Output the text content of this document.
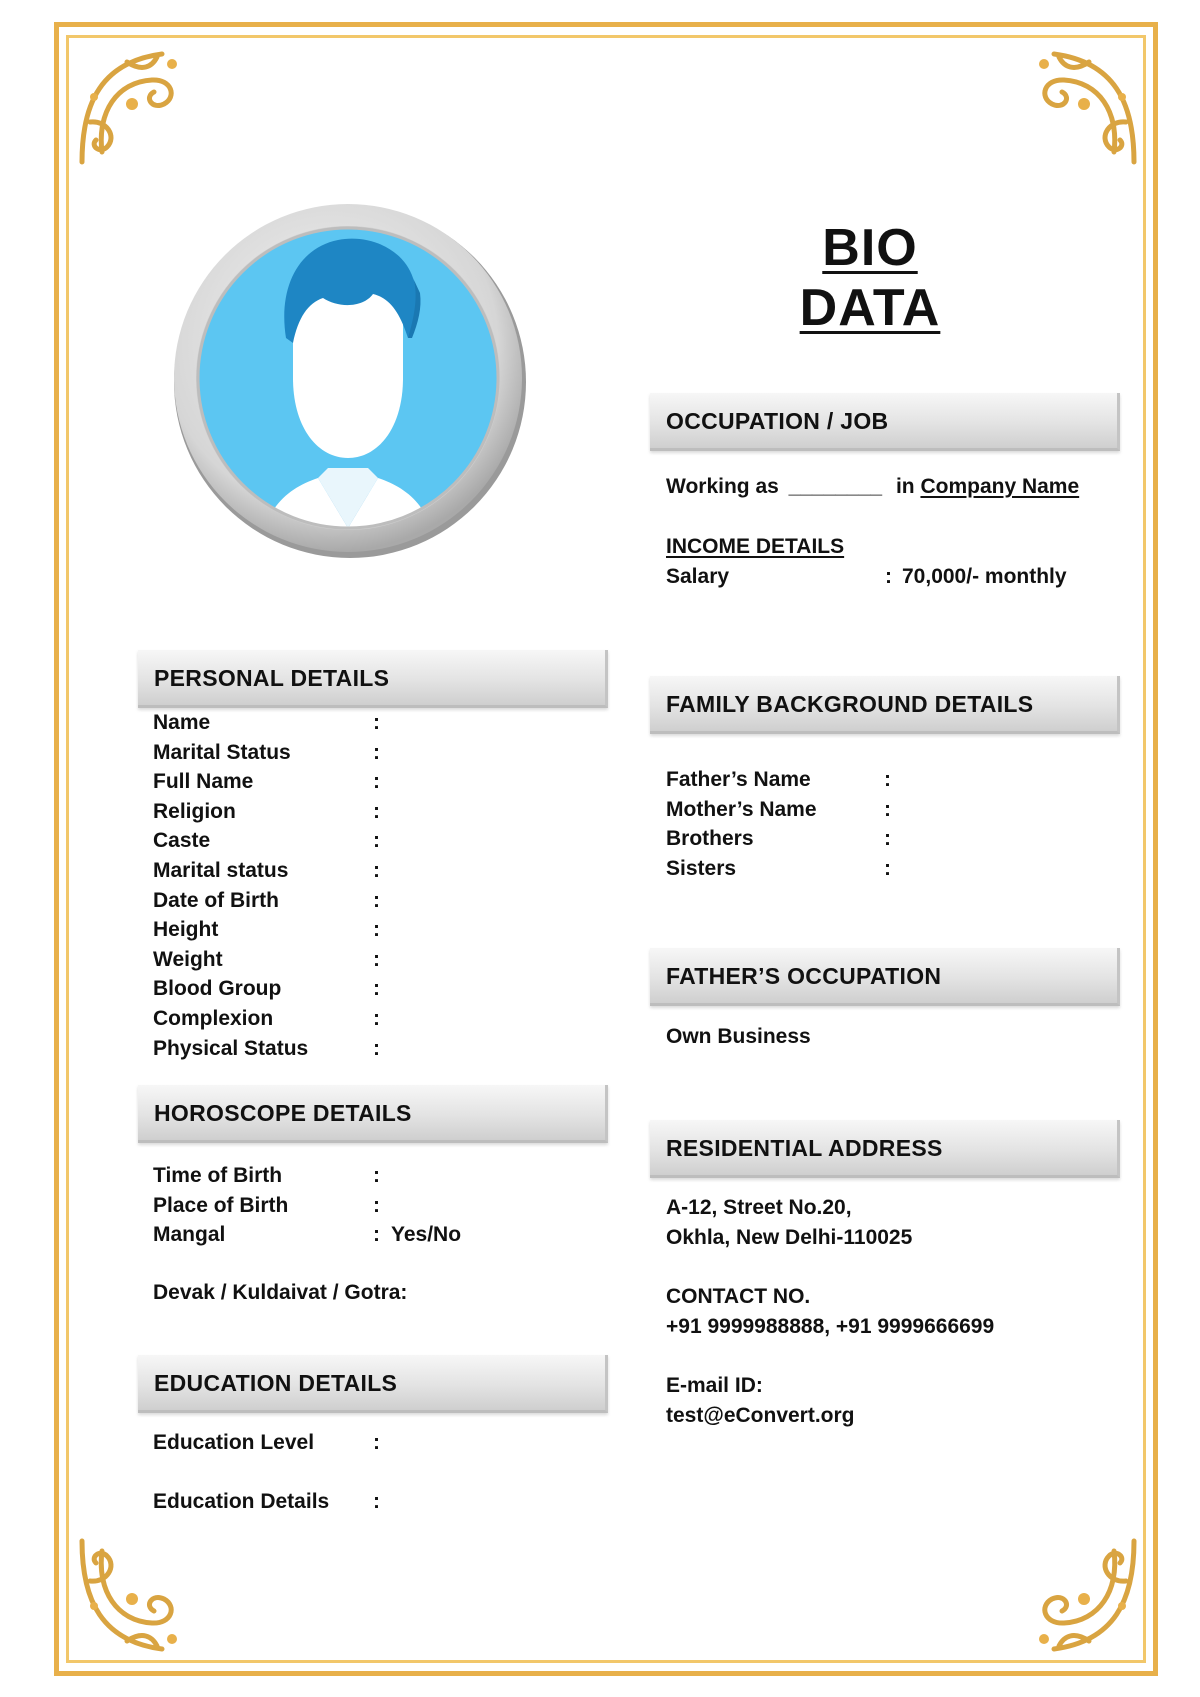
BIO DATA
OCCUPATION / JOB
Working as ________ in Company Name
INCOME DETAILS
Salary	: 70,000/- monthly
PERSONAL DETAILS
Name	:
Marital Status	:
Full Name	:
Religion	:
Caste	:
Marital status	:
Date of Birth	:
Height	:
Weight	:
Blood Group	:
Complexion	:
Physical Status	:
FAMILY BACKGROUND DETAILS
Father’s Name	:
Mother’s Name	:
Brothers	:
Sisters	:
FATHER’S OCCUPATION
Own Business
HOROSCOPE DETAILS
Time of Birth	:
Place of Birth	:
Mangal	: Yes/No
Devak / Kuldaivat / Gotra:
RESIDENTIAL ADDRESS
A-12, Street No.20,
Okhla, New Delhi-110025
CONTACT NO.
+91 9999988888, +91 9999666699
E-mail ID:
test@eConvert.org
EDUCATION DETAILS
Education Level	:
Education Details :
